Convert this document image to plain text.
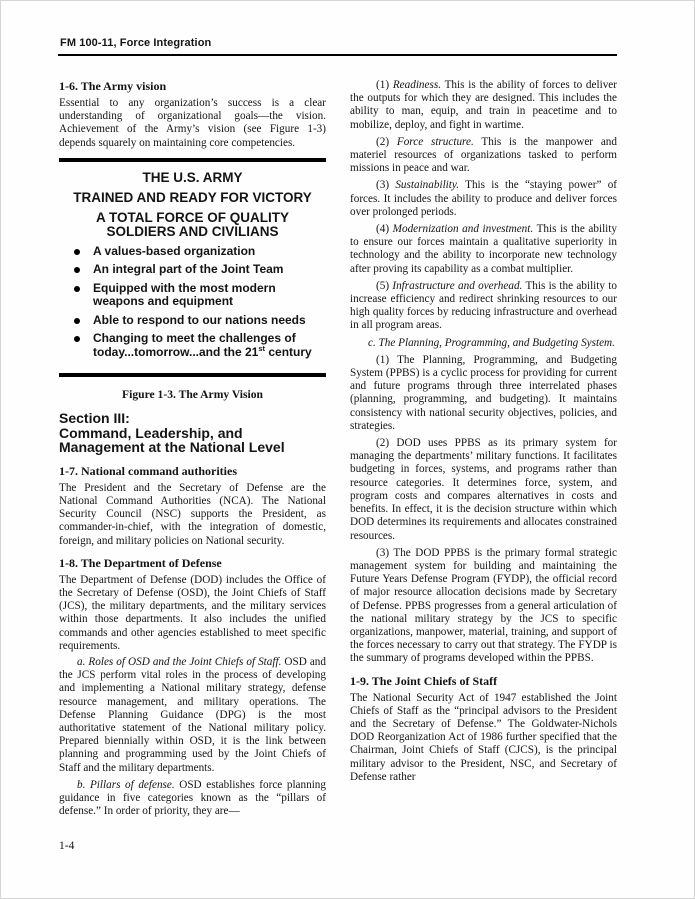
FM 100-11, Force Integration
1-6. The Army vision

Essential to any organization’s success is a clear understanding of organizational goals—the vision. Achievement of the Army’s vision (see Figure 1-3) depends squarely on maintaining core competencies.

THE U.S. ARMY
TRAINED AND READY FOR VICTORY
A TOTAL FORCE OF QUALITY SOLDIERS AND CIVILIANS
A values-based organization
An integral part of the Joint Team
Equipped with the most modern weapons and equipment
Able to respond to our nations needs
Changing to meet the challenges of today...tomorrow...and the 21st century
Figure 1-3. The Army Vision
Section III:
Command, Leadership, and
Management at the National Level
1-7. National command authorities

The President and the Secretary of Defense are the National Command Authorities (NCA). The National Security Council (NSC) supports the President, as commander-in-chief, with the integration of domestic, foreign, and military policies on National security.

1-8. The Department of Defense

The Department of Defense (DOD) includes the Office of the Secretary of Defense (OSD), the Joint Chiefs of Staff (JCS), the military departments, and the military services within those departments. It also includes the unified commands and other agencies established to meet specific requirements.

a. Roles of OSD and the Joint Chiefs of Staff. OSD and the JCS perform vital roles in the process of developing and implementing a National military strategy, defense resource management, and military operations. The Defense Planning Guidance (DPG) is the most authoritative statement of the National military policy. Prepared biennially within OSD, it is the link between planning and programming used by the Joint Chiefs of Staff and the military departments.

b. Pillars of defense. OSD establishes force planning guidance in five categories known as the “pillars of defense.” In order of priority, they are—

(1) Readiness. This is the ability of forces to deliver the outputs for which they are designed. This includes the ability to man, equip, and train in peacetime and to mobilize, deploy, and fight in wartime.

(2) Force structure. This is the manpower and materiel resources of organizations tasked to perform missions in peace and war.

(3) Sustainability. This is the “staying power” of forces. It includes the ability to produce and deliver forces over prolonged periods.

(4) Modernization and investment. This is the ability to ensure our forces maintain a qualitative superiority in technology and the ability to incorporate new technology after proving its capability as a combat multiplier.

(5) Infrastructure and overhead. This is the ability to increase efficiency and redirect shrinking resources to our high quality forces by reducing infrastructure and overhead in all program areas.

c. The Planning, Programming, and Budgeting System.

(1) The Planning, Programming, and Budgeting System (PPBS) is a cyclic process for providing for current and future programs through three interrelated phases (planning, programming, and budgeting). It maintains consistency with national security objectives, policies, and strategies.

(2) DOD uses PPBS as its primary system for managing the departments’ military functions. It facilitates budgeting in forces, systems, and programs rather than resource categories. It determines force, system, and program costs and compares alternatives in costs and benefits. In effect, it is the decision structure within which DOD determines its requirements and allocates constrained resources.

(3) The DOD PPBS is the primary formal strategic management system for building and maintaining the Future Years Defense Program (FYDP), the official record of major resource allocation decisions made by Secretary of Defense. PPBS progresses from a general articulation of the national military strategy by the JCS to specific organizations, manpower, material, training, and support of the forces necessary to carry out that strategy. The FYDP is the summary of programs developed within the PPBS.

1-9. The Joint Chiefs of Staff

The National Security Act of 1947 established the Joint Chiefs of Staff as the “principal advisors to the President and the Secretary of Defense.” The Goldwater-Nichols DOD Reorganization Act of 1986 further specified that the Chairman, Joint Chiefs of Staff (CJCS), is the principal military advisor to the President, NSC, and Secretary of Defense rather

1-4
